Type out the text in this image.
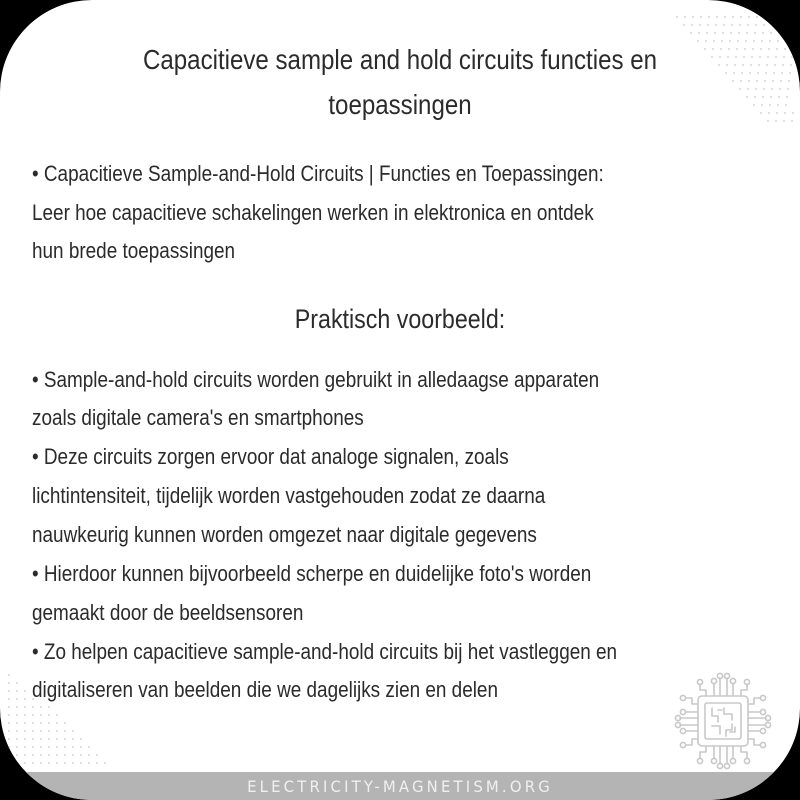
Capacitieve sample and hold circuits functies en
toepassingen
• Capacitieve Sample-and-Hold Circuits | Functies en Toepassingen:
Leer hoe capacitieve schakelingen werken in elektronica en ontdek
hun brede toepassingen
Praktisch voorbeeld:
• Sample-and-hold circuits worden gebruikt in alledaagse apparaten
zoals digitale camera's en smartphones
• Deze circuits zorgen ervoor dat analoge signalen, zoals
lichtintensiteit, tijdelijk worden vastgehouden zodat ze daarna
nauwkeurig kunnen worden omgezet naar digitale gegevens
• Hierdoor kunnen bijvoorbeeld scherpe en duidelijke foto's worden
gemaakt door de beeldsensoren
• Zo helpen capacitieve sample-and-hold circuits bij het vastleggen en
digitaliseren van beelden die we dagelijks zien en delen
ELECTRICITY-MAGNETISM.ORG
